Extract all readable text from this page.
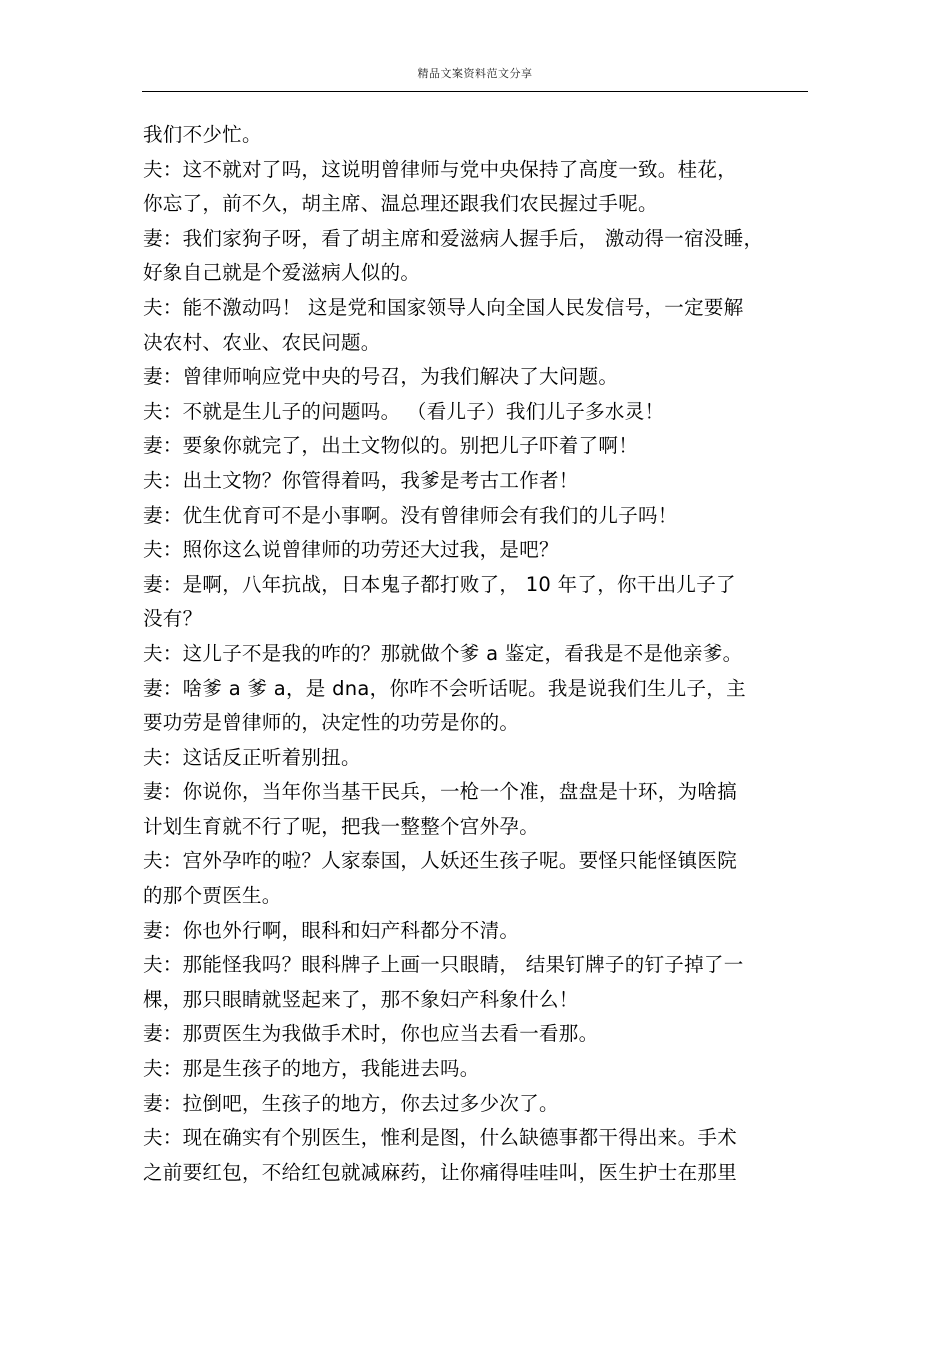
精品文案资料范文分享
我们不少忙。
夫：这不就对了吗，这说明曾律师与党中央保持了高度一致。桂花，
你忘了，前不久，胡主席、温总理还跟我们农民握过手呢。
妻：我们家狗子呀，看了胡主席和爱滋病人握手后， 激动得一宿没睡，
好象自己就是个爱滋病人似的。
夫：能不激动吗！ 这是党和国家领导人向全国人民发信号，一定要解
决农村、农业、农民问题。
妻：曾律师响应党中央的号召，为我们解决了大问题。
夫：不就是生儿子的问题吗。 （看儿子）我们儿子多水灵！
妻：要象你就完了，出土文物似的。别把儿子吓着了啊！
夫：出土文物？你管得着吗，我爹是考古工作者！
妻：优生优育可不是小事啊。没有曾律师会有我们的儿子吗！
夫：照你这么说曾律师的功劳还大过我，是吧？
妻：是啊，八年抗战，日本鬼子都打败了， 10 年了，你干出儿子了
没有？
夫：这儿子不是我的咋的？那就做个爹 a 鉴定，看我是不是他亲爹。
妻：啥爹 a 爹 a，是 dna，你咋不会听话呢。我是说我们生儿子，主
要功劳是曾律师的，决定性的功劳是你的。
夫：这话反正听着别扭。
妻：你说你，当年你当基干民兵，一枪一个准，盘盘是十环，为啥搞
计划生育就不行了呢，把我一整整个宫外孕。
夫：宫外孕咋的啦？人家泰国，人妖还生孩子呢。要怪只能怪镇医院
的那个贾医生。
妻：你也外行啊，眼科和妇产科都分不清。
夫：那能怪我吗？眼科牌子上画一只眼睛， 结果钉牌子的钉子掉了一
棵，那只眼睛就竖起来了，那不象妇产科象什么！
妻：那贾医生为我做手术时，你也应当去看一看那。
夫：那是生孩子的地方，我能进去吗。
妻：拉倒吧，生孩子的地方，你去过多少次了。
夫：现在确实有个别医生，惟利是图，什么缺德事都干得出来。手术
之前要红包，不给红包就减麻药，让你痛得哇哇叫，医生护士在那里
